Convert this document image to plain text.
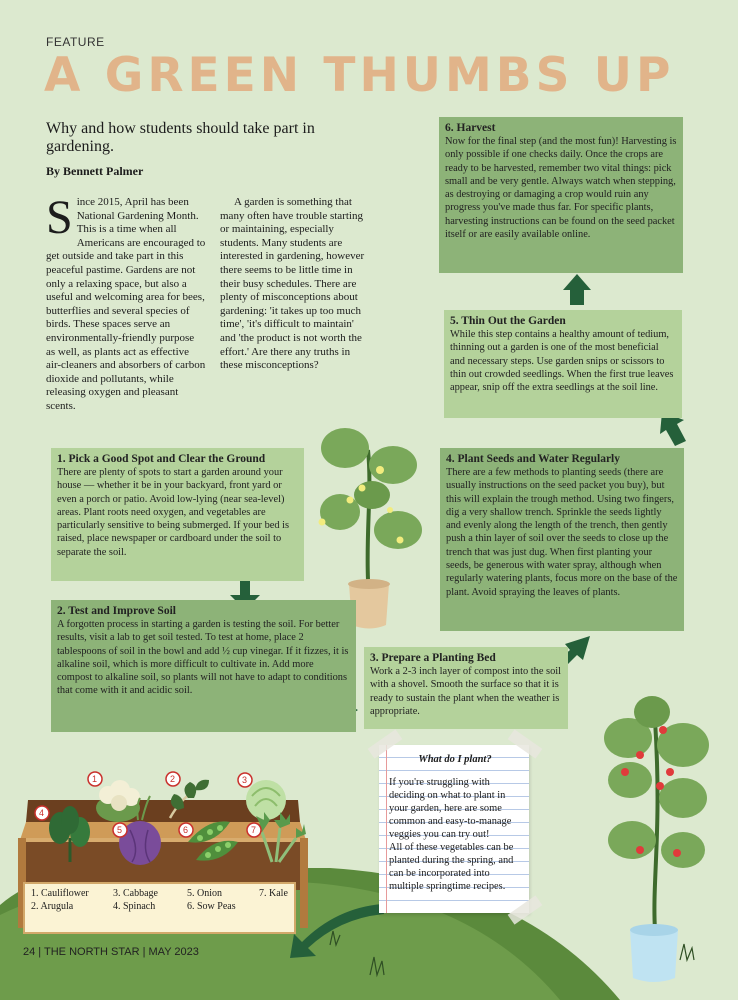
1	2	3
4
5	6	7
FEATURE
A GREEN THUMBS UP
Why and how students should take part in gardening.
By Bennett Palmer
S ince 2015, April has been National Gardening Month. This is a time when all Americans are encouraged to get outside and take part in this peaceful pastime. Gardens are not only a relaxing space, but also a useful and welcoming area for bees, butterflies and several species of birds. These spaces serve an environmentally-friendly purpose as well, as plants act as effective air-cleaners and absorbers of carbon dioxide and pollutants, while releasing oxygen and pleasant scents.

A garden is something that many often have trouble starting or maintaining, especially students. Many students are interested in gardening, however there seems to be little time in their busy schedules. There are plenty of misconceptions about gardening: 'it takes up too much time', 'it's difficult to maintain' and 'the product is not worth the effort.' Are there any truths in these misconceptions?

6. Harvest
Now for the final step (and the most fun)! Harvesting is only possible if one checks daily. Once the crops are ready to be harvested, remember two vital things: pick small and be very gentle. Always watch when stepping, as destroying or damaging a crop would ruin any progress you've made thus far. For specific plants, harvesting instructions can be found on the seed packet itself or are easily available online.
5. Thin Out the Garden
While this step contains a healthy amount of tedium, thinning out a garden is one of the most beneficial and necessary steps. Use garden snips or scissors to thin out crowded seedlings. When the first true leaves appear, snip off the extra seedlings at the soil line.
4. Plant Seeds and Water Regularly
There are a few methods to planting seeds (there are usually instructions on the seed packet you buy), but this will explain the trough method. Using two fingers, dig a very shallow trench. Sprinkle the seeds lightly and evenly along the length of the trench, then gently push a thin layer of soil over the seeds to close up the trench that was just dug. When first planting your seeds, be generous with water spray, although when regularly watering plants, focus more on the base of the plant. Avoid spraying the leaves of plants.
1. Pick a Good Spot and Clear the Ground
There are plenty of spots to start a garden around your house — whether it be in your backyard, front yard or even a porch or patio. Avoid low-lying (near sea-level) areas. Plant roots need oxygen, and vegetables are particularly sensitive to being submerged. If your bed is raised, place newspaper or cardboard under the soil to separate the soil.
2. Test and Improve Soil
A forgotten process in starting a garden is testing the soil. For better results, visit a lab to get soil tested. To test at home, place 2 tablespoons of soil in the bowl and add ½ cup vinegar. If it fizzes, it is alkaline soil, which is more difficult to cultivate in. Add more compost to alkaline soil, so plants will not have to adapt to conditions that come with it and acidic soil.
3. Prepare a Planting Bed
Work a 2-3 inch layer of compost into the soil with a shovel. Smooth the surface so that it is ready to sustain the plant when the weather is appropriate.
What do I plant?
If you're struggling with deciding on what to plant in your garden, here are some common and easy-to-manage veggies you can try out!
All of these vegetables can be planted during the spring, and can be incorporated into multiple springtime recipes.
1. Cauliflower
2. Arugula
3. Cabbage
4. Spinach
5. Onion
6. Sow Peas
7. Kale
24 | THE NORTH STAR | MAY 2023
